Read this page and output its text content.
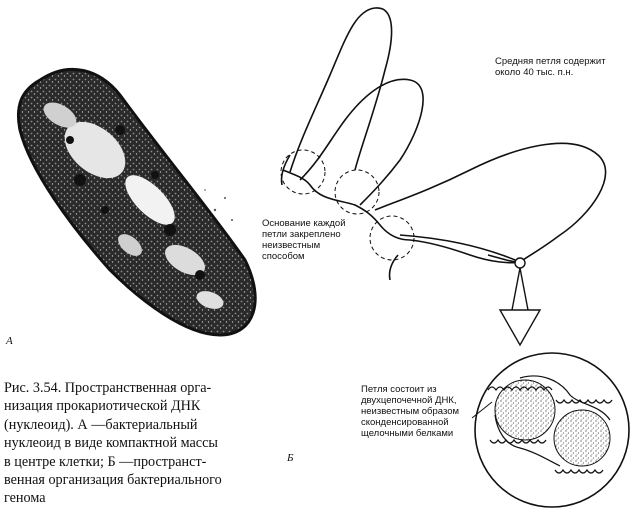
А
Б
Средняя петля содержит
около 40 тыс. п.н.
Основание каждой
петли закреплено
неизвестным
способом
Петля состоит из
двухцепочечной ДНК,
неизвестным образом
сконденсированной
щелочными белками
Рис. 3.54. Пространственная орга-
низация прокариотической ДНК
(нуклеоид). А —бактериальный
нуклеоид в виде компактной массы
в центре клетки; Б —пространст-
венная организация бактериального
генома
